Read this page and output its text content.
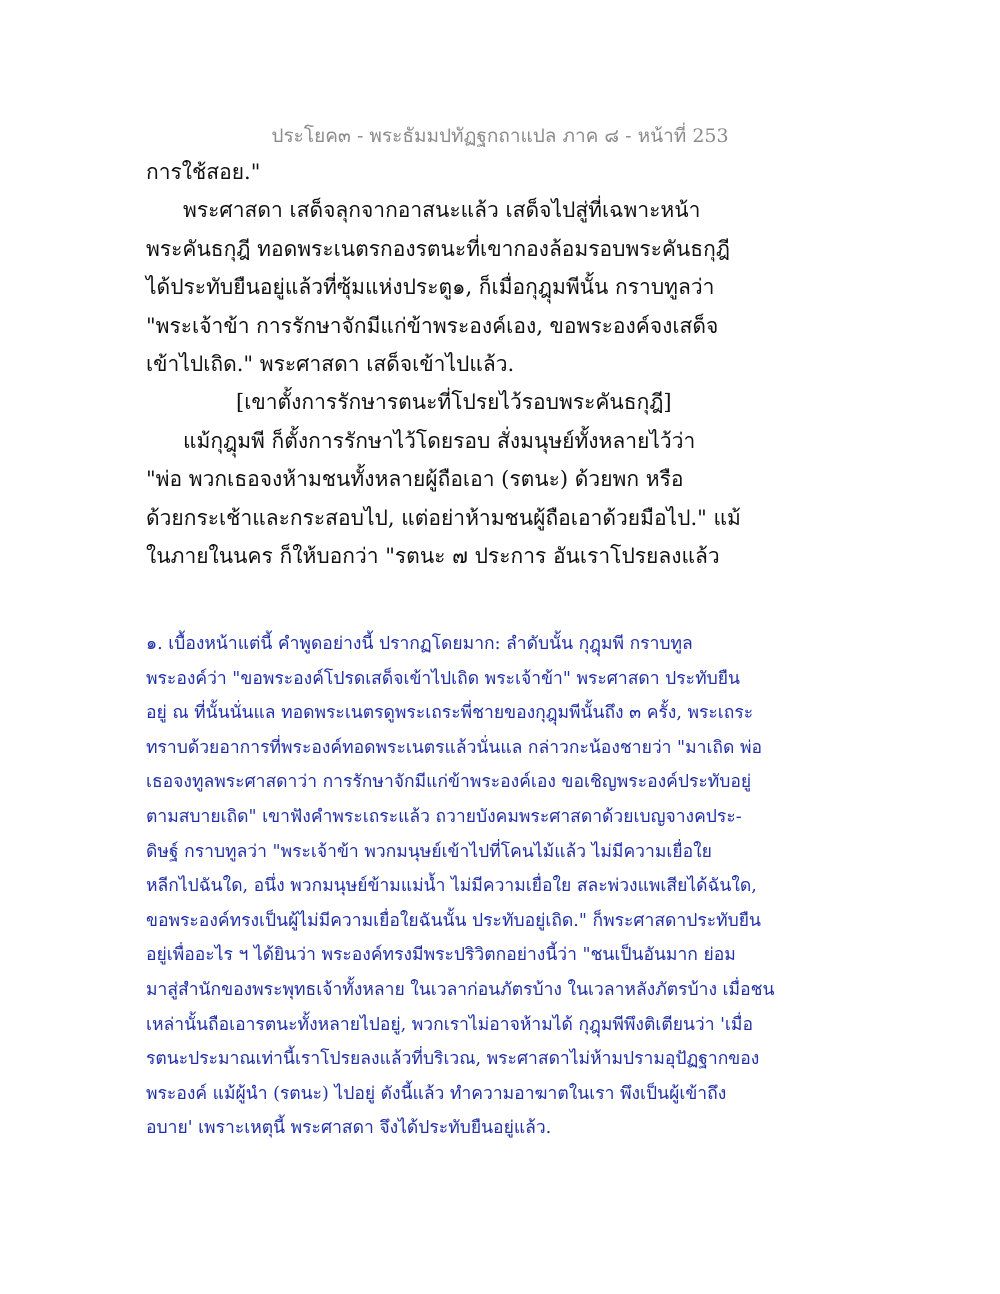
ประโยค๓ - พระธัมมปทัฏฐกถาแปล ภาค ๘ - หน้าที่ 253
การใช้สอย."
พระศาสดา เสด็จลุกจากอาสนะแล้ว เสด็จไปสู่ที่เฉพาะหน้า
พระคันธกุฎี ทอดพระเนตรกองรตนะที่เขากองล้อมรอบพระคันธกุฎี
ได้ประทับยืนอยู่แล้วที่ซุ้มแห่งประตู๑, ก็เมื่อกุฎุมพีนั้น กราบทูลว่า
"พระเจ้าข้า การรักษาจักมีแก่ข้าพระองค์เอง, ขอพระองค์จงเสด็จ
เข้าไปเถิด." พระศาสดา เสด็จเข้าไปแล้ว.
[เขาตั้งการรักษารตนะที่โปรยไว้รอบพระคันธกุฎี]
แม้กุฎุมพี ก็ตั้งการรักษาไว้โดยรอบ สั่งมนุษย์ทั้งหลายไว้ว่า
"พ่อ พวกเธอจงห้ามชนทั้งหลายผู้ถือเอา (รตนะ) ด้วยพก หรือ
ด้วยกระเช้าและกระสอบไป, แต่อย่าห้ามชนผู้ถือเอาด้วยมือไป." แม้
ในภายในนคร ก็ให้บอกว่า "รตนะ ๗ ประการ อันเราโปรยลงแล้ว
๑. เบื้องหน้าแต่นี้ คำพูดอย่างนี้ ปรากฏโดยมาก: ลำดับนั้น กุฎุมพี กราบทูล
พระองค์ว่า "ขอพระองค์โปรดเสด็จเข้าไปเถิด พระเจ้าข้า" พระศาสดา ประทับยืน
อยู่ ณ ที่นั้นนั่นแล ทอดพระเนตรดูพระเถระพี่ชายของกุฎุมพีนั้นถึง ๓ ครั้ง, พระเถระ
ทราบด้วยอาการที่พระองค์ทอดพระเนตรแล้วนั่นแล กล่าวกะน้องชายว่า "มาเถิด พ่อ
เธอจงทูลพระศาสดาว่า การรักษาจักมีแก่ข้าพระองค์เอง ขอเชิญพระองค์ประทับอยู่
ตามสบายเถิด" เขาฟังคำพระเถระแล้ว ถวายบังคมพระศาสดาด้วยเบญจางคประ-
ดิษฐ์ กราบทูลว่า "พระเจ้าข้า พวกมนุษย์เข้าไปที่โคนไม้แล้ว ไม่มีความเยื่อใย
หลีกไปฉันใด, อนึ่ง พวกมนุษย์ข้ามแม่น้ำ ไม่มีความเยื่อใย สละพ่วงแพเสียได้ฉันใด,
ขอพระองค์ทรงเป็นผู้ไม่มีความเยื่อใยฉันนั้น ประทับอยู่เถิด." ก็พระศาสดาประทับยืน
อยู่เพื่ออะไร ฯ ได้ยินว่า พระองค์ทรงมีพระปริวิตกอย่างนี้ว่า "ชนเป็นอันมาก ย่อม
มาสู่สำนักของพระพุทธเจ้าทั้งหลาย ในเวลาก่อนภัตรบ้าง ในเวลาหลังภัตรบ้าง เมื่อชน
เหล่านั้นถือเอารตนะทั้งหลายไปอยู่, พวกเราไม่อาจห้ามได้ กุฎุมพีพึงติเตียนว่า 'เมื่อ
รตนะประมาณเท่านี้เราโปรยลงแล้วที่บริเวณ, พระศาสดาไม่ห้ามปรามอุปัฏฐากของ
พระองค์ แม้ผู้นำ (รตนะ) ไปอยู่ ดังนี้แล้ว ทำความอาฆาตในเรา พึงเป็นผู้เข้าถึง
อบาย' เพราะเหตุนี้ พระศาสดา จึงได้ประทับยืนอยู่แล้ว.
